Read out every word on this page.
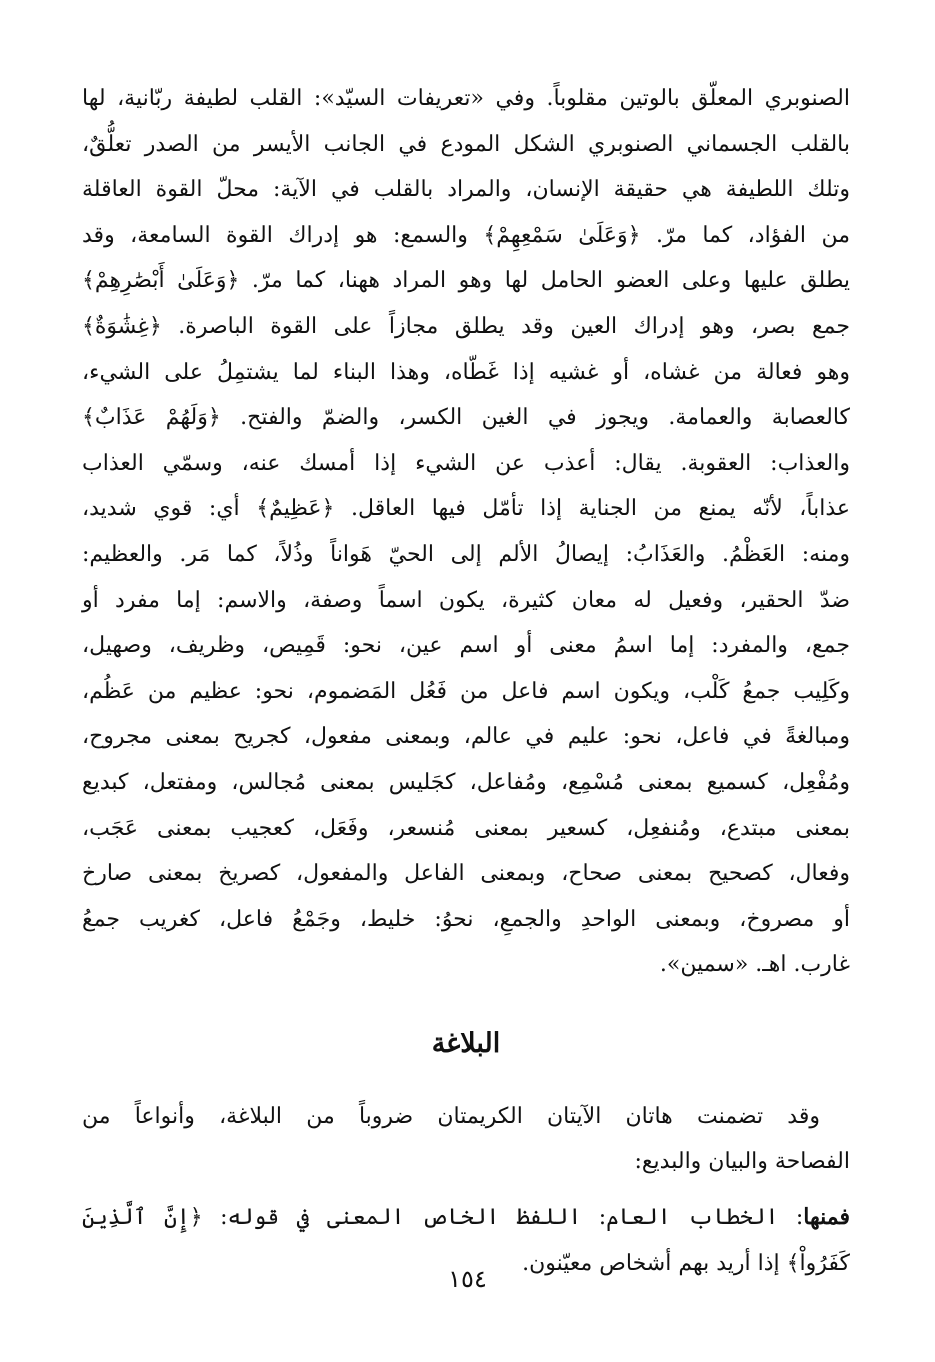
الصنوبري المعلّق بالوتين مقلوباً. وفي «تعريفات السيّد»: القلب لطيفة ربّانية، لها
بالقلب الجسماني الصنوبري الشكل المودع في الجانب الأيسر من الصدر تعلُّقٌ،
وتلك اللطيفة هي حقيقة الإنسان، والمراد بالقلب في الآية: محلّ القوة العاقلة
من الفؤاد، كما مرّ. ﴿وَعَلَىٰ سَمْعِهِمْ﴾ والسمع: هو إدراك القوة السامعة، وقد
يطلق عليها وعلى العضو الحامل لها وهو المراد ههنا، كما مرّ. ﴿وَعَلَىٰ أَبْصَٰرِهِمْ﴾
جمع بصر، وهو إدراك العين وقد يطلق مجازاً على القوة الباصرة. ﴿غِشَٰوَةٌ﴾
وهو فعالة من غشاه، أو غشيه إذا غَطّاه، وهذا البناء لما يشتمِلُ على الشيء،
كالعصابة والعمامة. ويجوز في الغين الكسر، والضمّ والفتح. ﴿وَلَهُمْ عَذَابٌ﴾
والعذاب: العقوبة. يقال: أعذب عن الشيء إذا أمسك عنه، وسمّي العذاب
عذاباً، لأنّه يمنع من الجناية إذا تأمّل فيها العاقل. ﴿عَظِيمٌ﴾ أي: قوي شديد،
ومنه: العَظْمُ. والعَذَابُ: إيصالُ الألم إلى الحيّ هَواناً وذُلاً، كما مَر. والعظيم:
ضدّ الحقير، وفعيل له معان كثيرة، يكون اسماً وصفة، والاسم: إما مفرد أو
جمع، والمفرد: إما اسمُ معنى أو اسم عين، نحو: قَمِيص، وظريف، وصهيل،
وكَلِيب جمعُ كَلْب، ويكون اسم فاعل من فَعُل المَضموم، نحو: عظيم من عَظُم،
ومبالغةً في فاعل، نحو: عليم في عالم، وبمعنى مفعول، كجريح بمعنى مجروح،
ومُفْعِل، كسميع بمعنى مُسْمِع، ومُفاعل، كجَليس بمعنى مُجالس، ومفتعل، كبديع
بمعنى مبتدع، ومُنفعِل، كسعير بمعنى مُنسعر، وفَعَل، كعجيب بمعنى عَجَب،
وفعال، كصحيح بمعنى صحاح، وبمعنى الفاعل والمفعول، كصريخ بمعنى صارخ
أو مصروخ، وبمعنى الواحدِ والجمعِ، نحوُ: خليط، وجَمْعُ فاعل، كغريب جمعُ
غارب. اهـ. «سمين».

البلاغة

وقد تضمنت هاتان الآيتان الكريمتان ضروباً من البلاغة، وأنواعاً من
الفصاحة والبيان والبديع:

فمنها: الخطاب العام: اللفظ الخاص المعنى في قوله: ﴿إِنَّ ٱلَّذِينَ
كَفَرُواْ﴾ إذا أريد بهم أشخاص معيّنون.

١٥٤
